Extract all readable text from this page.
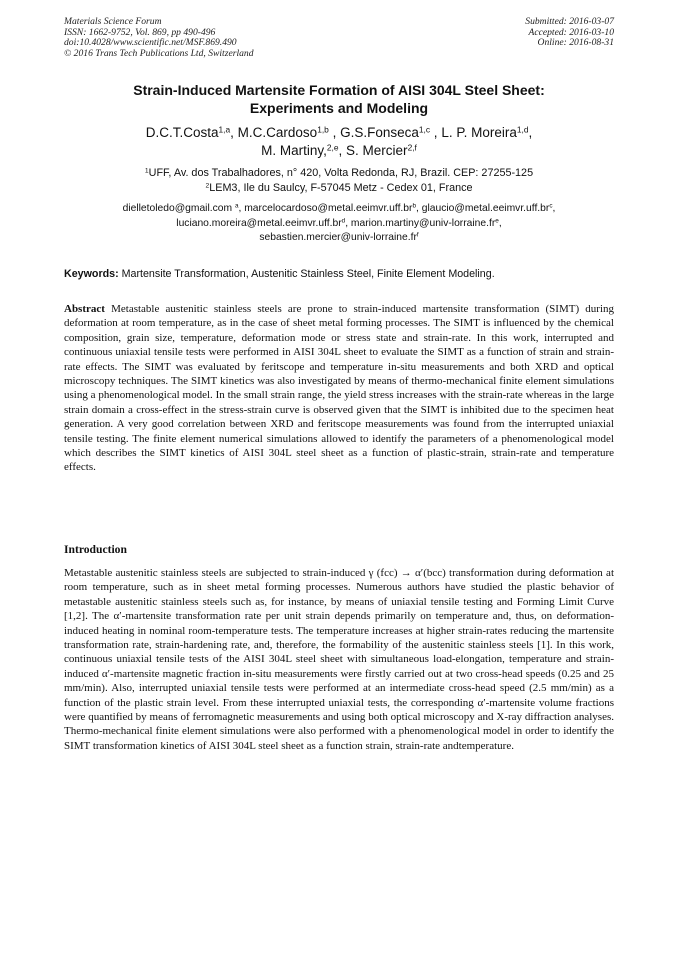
Materials Science Forum
ISSN: 1662-9752, Vol. 869, pp 490-496
doi:10.4028/www.scientific.net/MSF.869.490
© 2016 Trans Tech Publications Ltd, Switzerland
Submitted: 2016-03-07
Accepted: 2016-03-10
Online: 2016-08-31
Strain-Induced Martensite Formation of AISI 304L Steel Sheet:
Experiments and Modeling
D.C.T.Costa$^{1,a}$, M.C.Cardoso$^{1,b}$ , G.S.Fonseca$^{1,c}$ , L. P. Moreira$^{1,d}$,
M. Martiny,$^{2,e}$, S. Mercier$^{2,f}$
$^1$UFF, Av. dos Trabalhadores, n° 420, Volta Redonda, RJ, Brazil. CEP: 27255-125
$^2$LEM3, Ile du Saulcy, F-57045 Metz - Cedex 01, France
dielletoledo@gmail.com $^a$, $marcelocardoso@metal.eeimvr.uff.br^b$, $glaucio@metal.eeimvr.uff.br^c$,
$luciano.moreira@metal.eeimvr.uff.br^d$, $marion.martiny@univ-lorraine.fr^e$,
$sebastien.mercier@univ-lorraine.fr^f$
Keywords: Martensite Transformation, Austenitic Stainless Steel, Finite Element Modeling.
Abstract Metastable austenitic stainless steels are prone to strain-induced martensite transformation (SIMT) during deformation at room temperature, as in the case of sheet metal forming processes. The SIMT is influenced by the chemical composition, grain size, temperature, deformation mode or stress state and strain-rate. In this work, interrupted and continuous uniaxial tensile tests were performed in AISI 304L sheet to evaluate the SIMT as a function of strain and strain-rate effects. The SIMT was evaluated by feritscope and temperature in-situ measurements and both XRD and optical microscopy techniques. The SIMT kinetics was also investigated by means of thermo-mechanical finite element simulations using a phenomenological model. In the small strain range, the yield stress increases with the strain-rate whereas in the large strain domain a cross-effect in the stress-strain curve is observed given that the SIMT is inhibited due to the specimen heat generation. A very good correlation between XRD and feritscope measurements was found from the interrupted uniaxial tensile testing. The finite element numerical simulations allowed to identify the parameters of a phenomenological model which describes the SIMT kinetics of AISI 304L steel sheet as a function of plastic-strain, strain-rate and temperature effects.
Introduction
Metastable austenitic stainless steels are subjected to strain-induced γ (fcc) → α′(bcc) transformation during deformation at room temperature, such as in sheet metal forming processes. Numerous authors have studied the plastic behavior of metastable austenitic stainless steels such as, for instance, by means of uniaxial tensile testing and Forming Limit Curve [1,2]. The α′-martensite transformation rate per unit strain depends primarily on temperature and, thus, on deformation-induced heating in nominal room-temperature tests. The temperature increases at higher strain-rates reducing the martensite transformation rate, strain-hardening rate, and, therefore, the formability of the austenitic stainless steels [1]. In this work, continuous uniaxial tensile tests of the AISI 304L steel sheet with simultaneous load-elongation, temperature and strain-induced α′-martensite magnetic fraction in-situ measurements were firstly carried out at two cross-head speeds (0.25 and 25 mm/min). Also, interrupted uniaxial tensile tests were performed at an intermediate cross-head speed (2.5 mm/min) as a function of the plastic strain level. From these interrupted uniaxial tests, the corresponding α′-martensite volume fractions were quantified by means of ferromagnetic measurements and using both optical microscopy and X-ray diffraction analyses. Thermo-mechanical finite element simulations were also performed with a phenomenological model in order to identify the SIMT transformation kinetics of AISI 304L steel sheet as a function strain, strain-rate andtemperature.
